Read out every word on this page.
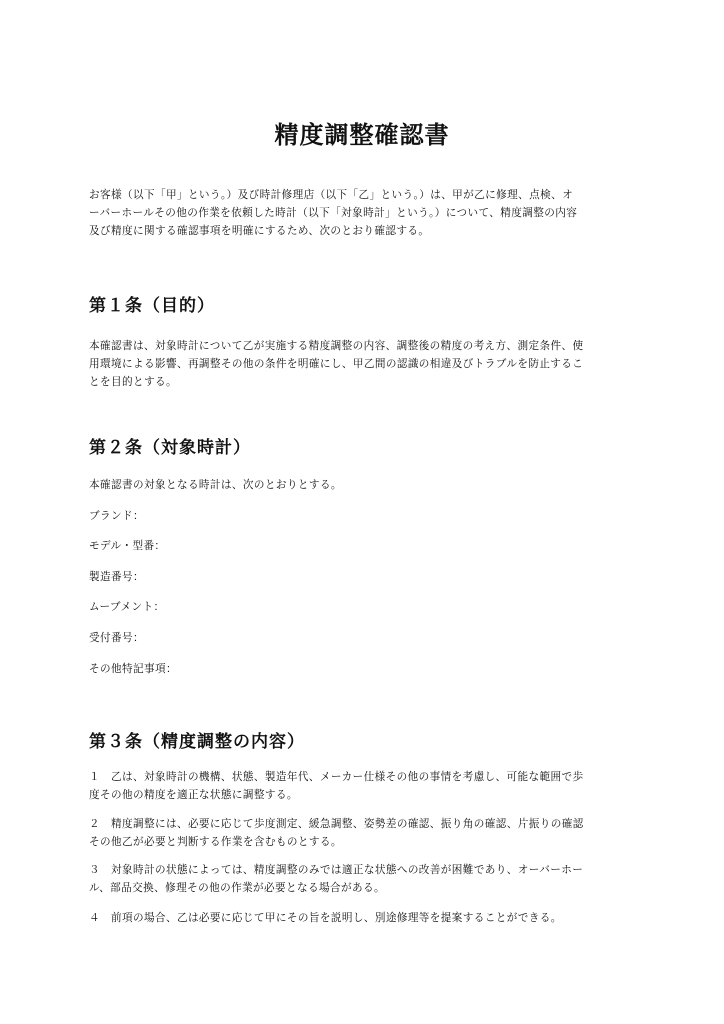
精度調整確認書
お客様（以下「甲」という。）及び時計修理店（以下「乙」という。）は、甲が乙に修理、点検、オ
ーバーホールその他の作業を依頼した時計（以下「対象時計」という。）について、精度調整の内容
及び精度に関する確認事項を明確にするため、次のとおり確認する。
第１条（目的）
本確認書は、対象時計について乙が実施する精度調整の内容、調整後の精度の考え方、測定条件、使
用環境による影響、再調整その他の条件を明確にし、甲乙間の認識の相違及びトラブルを防止するこ
とを目的とする。
第２条（対象時計）
本確認書の対象となる時計は、次のとおりとする。
ブランド：
モデル・型番：
製造番号：
ムーブメント：
受付番号：
その他特記事項：
第３条（精度調整の内容）
１　乙は、対象時計の機構、状態、製造年代、メーカー仕様その他の事情を考慮し、可能な範囲で歩
度その他の精度を適正な状態に調整する。
２　精度調整には、必要に応じて歩度測定、緩急調整、姿勢差の確認、振り角の確認、片振りの確認
その他乙が必要と判断する作業を含むものとする。
３　対象時計の状態によっては、精度調整のみでは適正な状態への改善が困難であり、オーバーホー
ル、部品交換、修理その他の作業が必要となる場合がある。
４　前項の場合、乙は必要に応じて甲にその旨を説明し、別途修理等を提案することができる。
